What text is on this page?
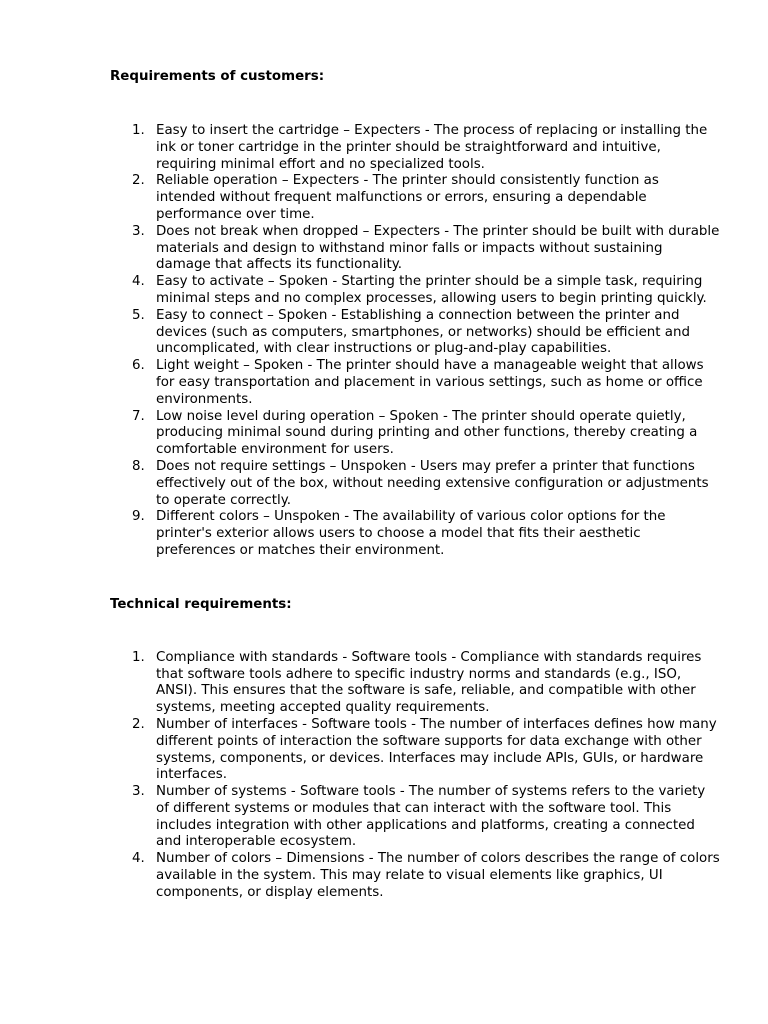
Requirements of customers:

1. Easy to insert the cartridge – Expecters - The process of replacing or installing the ink or toner cartridge in the printer should be straightforward and intuitive, requiring minimal effort and no specialized tools.
2. Reliable operation – Expecters - The printer should consistently function as intended without frequent malfunctions or errors, ensuring a dependable performance over time.
3. Does not break when dropped – Expecters - The printer should be built with durable materials and design to withstand minor falls or impacts without sustaining damage that affects its functionality.
4. Easy to activate – Spoken - Starting the printer should be a simple task, requiring minimal steps and no complex processes, allowing users to begin printing quickly.
5. Easy to connect – Spoken - Establishing a connection between the printer and devices (such as computers, smartphones, or networks) should be efficient and uncomplicated, with clear instructions or plug-and-play capabilities.
6. Light weight – Spoken - The printer should have a manageable weight that allows for easy transportation and placement in various settings, such as home or office environments.
7. Low noise level during operation – Spoken - The printer should operate quietly, producing minimal sound during printing and other functions, thereby creating a comfortable environment for users.
8. Does not require settings – Unspoken - Users may prefer a printer that functions effectively out of the box, without needing extensive configuration or adjustments to operate correctly.
9. Different colors – Unspoken - The availability of various color options for the printer's exterior allows users to choose a model that fits their aesthetic preferences or matches their environment.

Technical requirements:

1. Compliance with standards - Software tools - Compliance with standards requires that software tools adhere to specific industry norms and standards (e.g., ISO, ANSI). This ensures that the software is safe, reliable, and compatible with other systems, meeting accepted quality requirements.
2. Number of interfaces - Software tools - The number of interfaces defines how many different points of interaction the software supports for data exchange with other systems, components, or devices. Interfaces may include APIs, GUIs, or hardware interfaces.
3. Number of systems - Software tools - The number of systems refers to the variety of different systems or modules that can interact with the software tool. This includes integration with other applications and platforms, creating a connected and interoperable ecosystem.
4. Number of colors – Dimensions - The number of colors describes the range of colors available in the system. This may relate to visual elements like graphics, UI components, or display elements.
